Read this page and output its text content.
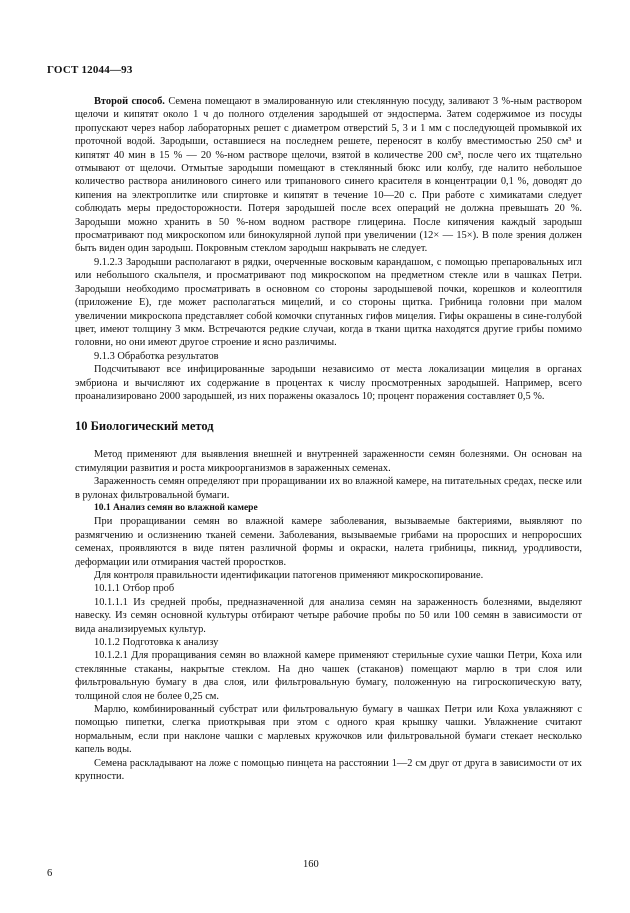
ГОСТ 12044—93

Второй способ. Семена помещают в эмалированную или стеклянную посуду, заливают 3 %-ным раствором щелочи и кипятят около 1 ч до полного отделения зародышей от эндосперма. Затем содержимое из посуды пропускают через набор лабораторных решет с диаметром отверстий 5, 3 и 1 мм с последующей промывкой их проточной водой. Зародыши, оставшиеся на последнем решете, переносят в колбу вместимостью 250 см³ и кипятят 40 мин в 15 % — 20 %-ном растворе щелочи, взятой в количестве 200 см³, после чего их тщательно отмывают от щелочи. Отмытые зародыши помещают в стеклянный бюкс или колбу, где налито небольшое количество раствора анилинового синего или трипанового синего красителя в концентрации 0,1 %, доводят до кипения на электроплитке или спиртовке и кипятят в течение 10—20 с. При работе с химикатами следует соблюдать меры предосторожности. Потеря зародышей после всех операций не должна превышать 20 %. Зародыши можно хранить в 50 %-ном водном растворе глицерина. После кипячения каждый зародыш просматривают под микроскопом или бинокулярной лупой при увеличении (12× — 15×). В поле зрения должен быть виден один зародыш. Покровным стеклом зародыш накрывать не следует.

9.1.2.3 Зародыши располагают в рядки, очерченные восковым карандашом, с помощью препаровальных игл или небольшого скальпеля, и просматривают под микроскопом на предметном стекле или в чашках Петри. Зародыши необходимо просматривать в основном со стороны зародышевой почки, корешков и колеоптиля (приложение Е), где может располагаться мицелий, и со стороны щитка. Грибница головни при малом увеличении микроскопа представляет собой комочки спутанных гифов мицелия. Гифы окрашены в сине-голубой цвет, имеют толщину 3 мкм. Встречаются редкие случаи, когда в ткани щитка находятся другие грибы помимо головни, но они имеют другое строение и ясно различимы.

9.1.3 Обработка результатов

Подсчитывают все инфицированные зародыши независимо от места локализации мицелия в органах эмбриона и вычисляют их содержание в процентах к числу просмотренных зародышей. Например, всего проанализировано 2000 зародышей, из них поражены оказалось 10; процент поражения составляет 0,5 %.

10 Биологический метод

Метод применяют для выявления внешней и внутренней зараженности семян болезнями. Он основан на стимуляции развития и роста микроорганизмов в зараженных семенах.

Зараженность семян определяют при проращивании их во влажной камере, на питательных средах, песке или в рулонах фильтровальной бумаги.

10.1 Анализ семян во влажной камере

При проращивании семян во влажной камере заболевания, вызываемые бактериями, выявляют по размягчению и ослизнению тканей семени. Заболевания, вызываемые грибами на проросших и непроросших семенах, проявляются в виде пятен различной формы и окраски, налета грибницы, пикнид, уродливости, деформации или отмирания частей проростков.

Для контроля правильности идентификации патогенов применяют микроскопирование.

10.1.1 Отбор проб

10.1.1.1 Из средней пробы, предназначенной для анализа семян на зараженность болезнями, выделяют навеску. Из семян основной культуры отбирают четыре рабочие пробы по 50 или 100 семян в зависимости от вида анализируемых культур.

10.1.2 Подготовка к анализу

10.1.2.1 Для проращивания семян во влажной камере применяют стерильные сухие чашки Петри, Коха или стеклянные стаканы, накрытые стеклом. На дно чашек (стаканов) помещают марлю в три слоя или фильтровальную бумагу в два слоя, или фильтровальную бумагу, положенную на гигроскопическую вату, толщиной слоя не более 0,25 см.

Марлю, комбинированный субстрат или фильтровальную бумагу в чашках Петри или Коха увлажняют с помощью пипетки, слегка приоткрывая при этом с одного края крышку чашки. Увлажнение считают нормальным, если при наклоне чашки с марлевых кружочков или фильтровальной бумаги стекает несколько капель воды.

Семена раскладывают на ложе с помощью пинцета на расстоянии 1—2 см друг от друга в зависимости от их крупности.

6
160
